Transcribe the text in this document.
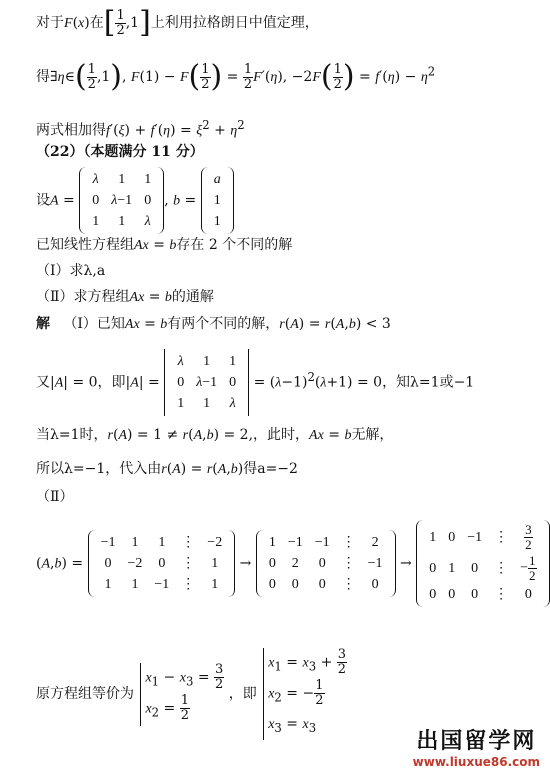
对于F(x)在[ $\frac{1}{2} ,1$]上利用拉格朗日中值定理，
得∃η∈( $\frac{1}{2} ,1$), $F(1) - F( \frac{1}{2}$ ) = $\frac{1}{2} F'(\eta)$, $-2F( \frac{1}{2}$ ) = $f'(\eta) - \eta^2$
两式相加得$f'(\xi) + f'(\eta) = \xi^2 + \eta^2$
（22）（本题满分 11 分）
设A =
λ	1	1
0	λ−1	0
1	1	λ
, b =
a
1
1
已知线性方程组Ax = b存在 2 个不同的解
（Ⅰ）求λ,a
（Ⅱ）求方程组Ax = b的通解
解 （Ⅰ）已知Ax = b有两个不同的解，r(A) = r(A,b) < 3
又|A| = 0，即|A| =
λ	1	1
0	λ−1	0
1	1	λ
= $(\lambda-1)^2(\lambda+1) = 0$，知λ=1或−1
当λ=1时，r(A) = 1 ≠ r(A,b) = 2,，此时，Ax = b无解，
所以λ=−1，代入由r(A) = r(A,b)得a=−2
（Ⅱ）
(A,b) =
−1	1	1	⋮	−2
0	−2	0	⋮	1
1	1	−1	⋮	1
→
1	−1	−1	⋮	2
0	2	0	⋮	−1
0	0	0	⋮	0
→
1	0	−1	⋮	$\frac{3}{2}$

0	1	0	⋮	− $\frac{1}{2}$

0	0	0	⋮	0
原方程组等价为
$x_1 - x_3 = \frac{3}{2}$
$x_2 = \frac{1}{2}$	，即
$x_1 = x_3 + \frac{3}{2}$
$x_2$ = − $\frac{1}{2}$
$x_3 = x_3$
出国留学网
www.liuxue86.com
